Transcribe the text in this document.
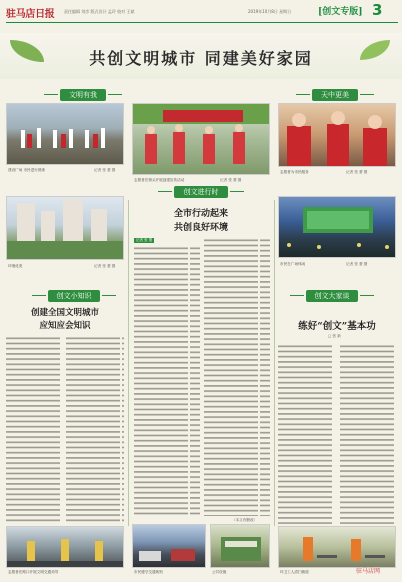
驻马店日报 责任编辑 刘彦 版式设计 孟玲 校对 王斌	2019年10月8日 星期日	[创文专版] 3
共创文明城市 同建美好家园
文明有我	天中更美
建设广场 市民进行晨练	记者 张 蕾 摄
志愿者在街头开展创建宣传活动	记者 张 蕾 摄
志愿者为市民服务	记者 张 蕾 摄
创文进行时
环境优美	记者 张 蕾 摄
全市行动起来
共创良好环境
市民在广场休闲	记者 张 蕾 摄
创文小知识	创文大家谈
创建全国文明城市
应知应会知识	练好“创文”基本功
□ 张 新
记者 张 蕾
（本文有删改）
志愿者在路口开展文明交通劝导	市民遵守交通规则	公共设施	环卫工人清扫街道	驻马店网
